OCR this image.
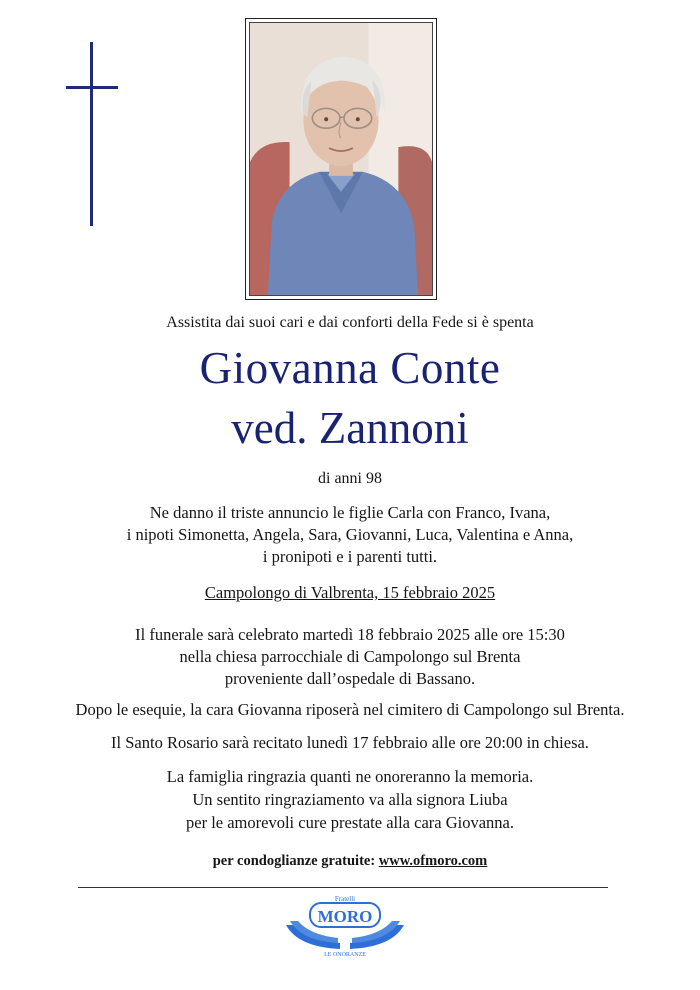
Assistita dai suoi cari e dai conforti della Fede si è spenta
Giovanna Conte
ved. Zannoni
di anni 98
Ne danno il triste annuncio le figlie Carla con Franco, Ivana,
i nipoti Simonetta, Angela, Sara, Giovanni, Luca, Valentina e Anna,
i pronipoti e i parenti tutti.
Campolongo di Valbrenta, 15 febbraio 2025
Il funerale sarà celebrato martedì 18 febbraio 2025 alle ore 15:30
nella chiesa parrocchiale di Campolongo sul Brenta
proveniente dall’ospedale di Bassano.
Dopo le esequie, la cara Giovanna riposerà nel cimitero di Campolongo sul Brenta.
Il Santo Rosario sarà recitato lunedì 17 febbraio alle ore 20:00 in chiesa.
La famiglia ringrazia quanti ne onoreranno la memoria.
Un sentito ringraziamento va alla signora Liuba
per le amorevoli cure prestate alla cara Giovanna.
per condoglianze gratuite: www.ofmoro.com
Fratelli
MORO
LE ONORANZE
